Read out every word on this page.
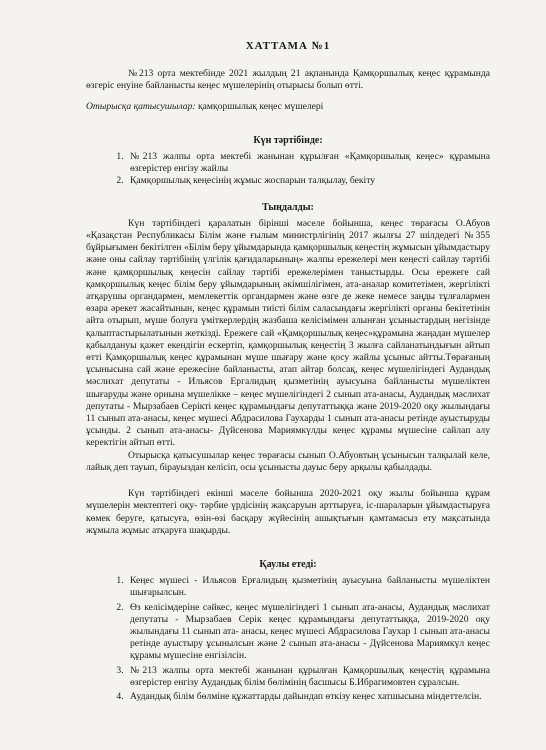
ХАТТАМА №1

№213 орта мектебінде 2021 жылдың 21 ақпанында Қамқоршылық кеңес құрамында өзгеріс енуіне байланысты кеңес мүшелерінің отырысы болып өтті.

Отырысқа қатысушылар: қамқоршылық кеңес мүшелері

Күн тәртібінде:
1. №213 жалпы орта мектебі жанынан құрылған «Қамқоршылық кеңес» құрамына өзгерістер енгізу жайлы
2. Қамқоршылық кеңесінің жұмыс жоспарын талқылау, бекіту
Тыңдалды:

Күн тәртібіндегі қаралатын бірінші мәселе бойынша, кеңес төрағасы О.Абуов «Қазақстан Республикасы Білім және ғылым министрлігінің 2017 жылғы 27 шілдедегі №355 бұйрығымен бекітілген «Білім беру ұйымдарында қамқоршылық кеңестің жұмысын ұйымдастыру және оны сайлау тәртібінің үлгілік қағидаларының» жалпы ережелері мен кеңесті сайлау тәртібі және қамқоршылық кеңесін сайлау тәртібі ережелерімен таныстырды. Осы ережеге сай қамқоршылық кеңес білім беру ұйымдарының әкімшілігімен, ата-аналар комитетімен, жергілікті атқарушы органдармен, мемлекеттік органдармен және өзге де жеке немесе заңды тұлғалармен өзара әрекет жасайтынын, кеңес құрамын тиісті білім саласындағы жергілікті органы бекітетінін айта отырып, мүше болуға үміткерлердің жазбаша келісімімен алынған ұсыныстардың негізінде қалыптастырылатынын жеткізді. Ережеге сай «Қамқоршылық кеңес»құрамына жаңадан мүшелер қабылдануы қажет екендігін ескертіп, қамқоршылық кеңестің 3 жылға сайланатындығын айтып өтті Қамқоршылық кеңес құрамынан мүше шығару және қосу жайлы ұсыныс айтты.Төрағаның ұсынысына сай және ережесіне байланысты, атап айтар болсақ, кеңес мүшелігіндегі Аудандық мәслихат депутаты - Ильясов Ергалидың қызметінің ауысуына байланысты мүшеліктен шығаруды және орнына мүшелікке – кеңес мүшелігіндегі 2 сынып ата-анасы, Аудандық мәслихат депутаты - Мырзабаев Серікті кеңес құрамындағы депутаттыққа және 2019-2020 оқу жылындағы 11 сынып ата-анасы, кеңес мүшесі Абдрасилова Гаухарды 1 сынып ата-анасы ретінде ауыстыруды ұсынды. 2 сынып ата-анасы- Дүйсенова Мариямкүлды кеңес құрамы мүшесіне сайлап алу керектігін айтып өтті.

Отырысқа қатысушылар кеңес төрағасы сынып О.Абуовтың ұсынысын талқылай келе, лайық деп тауып, бірауыздан келісіп, осы ұсынысты дауыс беру арқылы қабылдады.

Күн тәртібіндегі екінші мәселе бойынша 2020-2021 оқу жылы бойынша құрам мүшелерін мектептегі оқу- тәрбие үрдісінің жақсаруын арттыруға, іс-шараларын ұйымдастыруға көмек беруге, қатысуға, өзін-өзі басқару жүйесінің ашықтығын қамтамасыз ету мақсатында жұмыла жұмыс атқаруға шақырды.

Қаулы етеді:
1. Кеңес мүшесі - Ильясов Ерғалидың қызметінің ауысуына байланысты мүшеліктен шығарылсын.
2. Өз келісімдеріне сәйкес, кеңес мүшелігіндегі 1 сынып ата-анасы, Аудандық мәслихат депутаты - Мырзабаев Серік кеңес құрамындағы депутаттыққа, 2019-2020 оқу жылындағы 11 сынып ата- анасы, кеңес мүшесі Абдрасилова Гаухар 1 сынып ата-анасы ретінде ауыстыру ұсынылсын және 2 сынып ата-анасы - Дүйсенова Мариямкүл кеңес құрамы мүшесіне енгізілсін.
3. №213 жалпы орта мектебі жанынан құрылған Қамқоршылық кеңестің құрамына өзгерістер енгізу Аудандық білім бөлімінің басшысы Б.Ибрагимовтен сұралсын.
4. Аудандық білім бөлміне құжаттарды дайындап өткізу кеңес хатшысына міндеттелсін.
